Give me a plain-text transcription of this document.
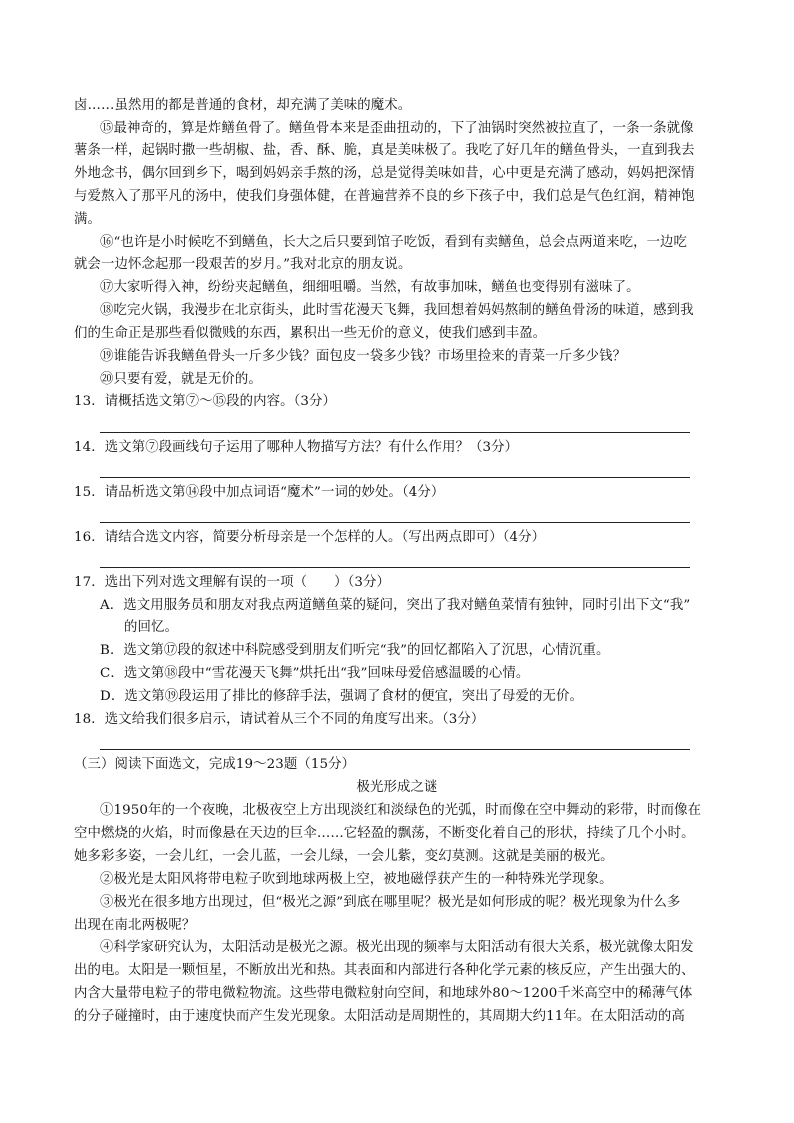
卤……虽然用的都是普通的食材，却充满了美味的魔术。
⑮最神奇的，算是炸鳝鱼骨了。鳝鱼骨本来是歪曲扭动的，下了油锅时突然被拉直了，一条一条就像
薯条一样，起锅时撒一些胡椒、盐，香、酥、脆，真是美味极了。我吃了好几年的鳝鱼骨头，一直到我去
外地念书，偶尔回到乡下，喝到妈妈亲手熬的汤，总是觉得美味如昔，心中更是充满了感动，妈妈把深情
与爱熬入了那平凡的汤中，使我们身强体健，在普遍营养不良的乡下孩子中，我们总是气色红润，精神饱
满。
⑯“也许是小时候吃不到鳝鱼，长大之后只要到馆子吃饭，看到有卖鳝鱼，总会点两道来吃，一边吃
就会一边怀念起那一段艰苦的岁月。”我对北京的朋友说。
⑰大家听得入神，纷纷夹起鳝鱼，细细咀嚼。当然，有故事加味，鳝鱼也变得别有滋味了。
⑱吃完火锅，我漫步在北京街头，此时雪花漫天飞舞，我回想着妈妈熬制的鳝鱼骨汤的味道，感到我
们的生命正是那些看似微贱的东西，累积出一些无价的意义，使我们感到丰盈。
⑲谁能告诉我鳝鱼骨头一斤多少钱？面包皮一袋多少钱？市场里捡来的青菜一斤多少钱？
⑳只要有爱，就是无价的。
13．请概括选文第⑦～⑮段的内容。（3分）
14．选文第⑦段画线句子运用了哪种人物描写方法？有什么作用？（3分）
15．请品析选文第⑭段中加点词语“魔术”一词的妙处。（4分）
16．请结合选文内容，简要分析母亲是一个怎样的人。（写出两点即可）（4分）
17．选出下列对选文理解有误的一项（　　）（3分）
A．选文用服务员和朋友对我点两道鳝鱼菜的疑问，突出了我对鳝鱼菜情有独钟，同时引出下文“我”
的回忆。
B．选文第⑰段的叙述中科院感受到朋友们听完“我”的回忆都陷入了沉思，心情沉重。
C．选文第⑱段中“雪花漫天飞舞”烘托出“我”回味母爱倍感温暖的心情。
D．选文第⑲段运用了排比的修辞手法，强调了食材的便宜，突出了母爱的无价。
18．选文给我们很多启示，请试着从三个不同的角度写出来。（3分）
（三）阅读下面选文，完成19～23题（15分）
极光形成之谜
①1950年的一个夜晚，北极夜空上方出现淡红和淡绿色的光弧，时而像在空中舞动的彩带，时而像在
空中燃烧的火焰，时而像悬在天边的巨伞……它轻盈的飘荡，不断变化着自己的形状，持续了几个小时。
她多彩多姿，一会儿红，一会儿蓝，一会儿绿，一会儿紫，变幻莫测。这就是美丽的极光。
②极光是太阳风将带电粒子吹到地球两极上空，被地磁俘获产生的一种特殊光学现象。
③极光在很多地方出现过，但“极光之源”到底在哪里呢？极光是如何形成的呢？极光现象为什么多
出现在南北两极呢？
④科学家研究认为，太阳活动是极光之源。极光出现的频率与太阳活动有很大关系，极光就像太阳发
出的电。太阳是一颗恒星，不断放出光和热。其表面和内部进行各种化学元素的核反应，产生出强大的、
内含大量带电粒子的带电微粒物流。这些带电微粒射向空间，和地球外80～1200千米高空中的稀薄气体
的分子碰撞时，由于速度快而产生发光现象。太阳活动是周期性的，其周期大约11年。在太阳活动的高
